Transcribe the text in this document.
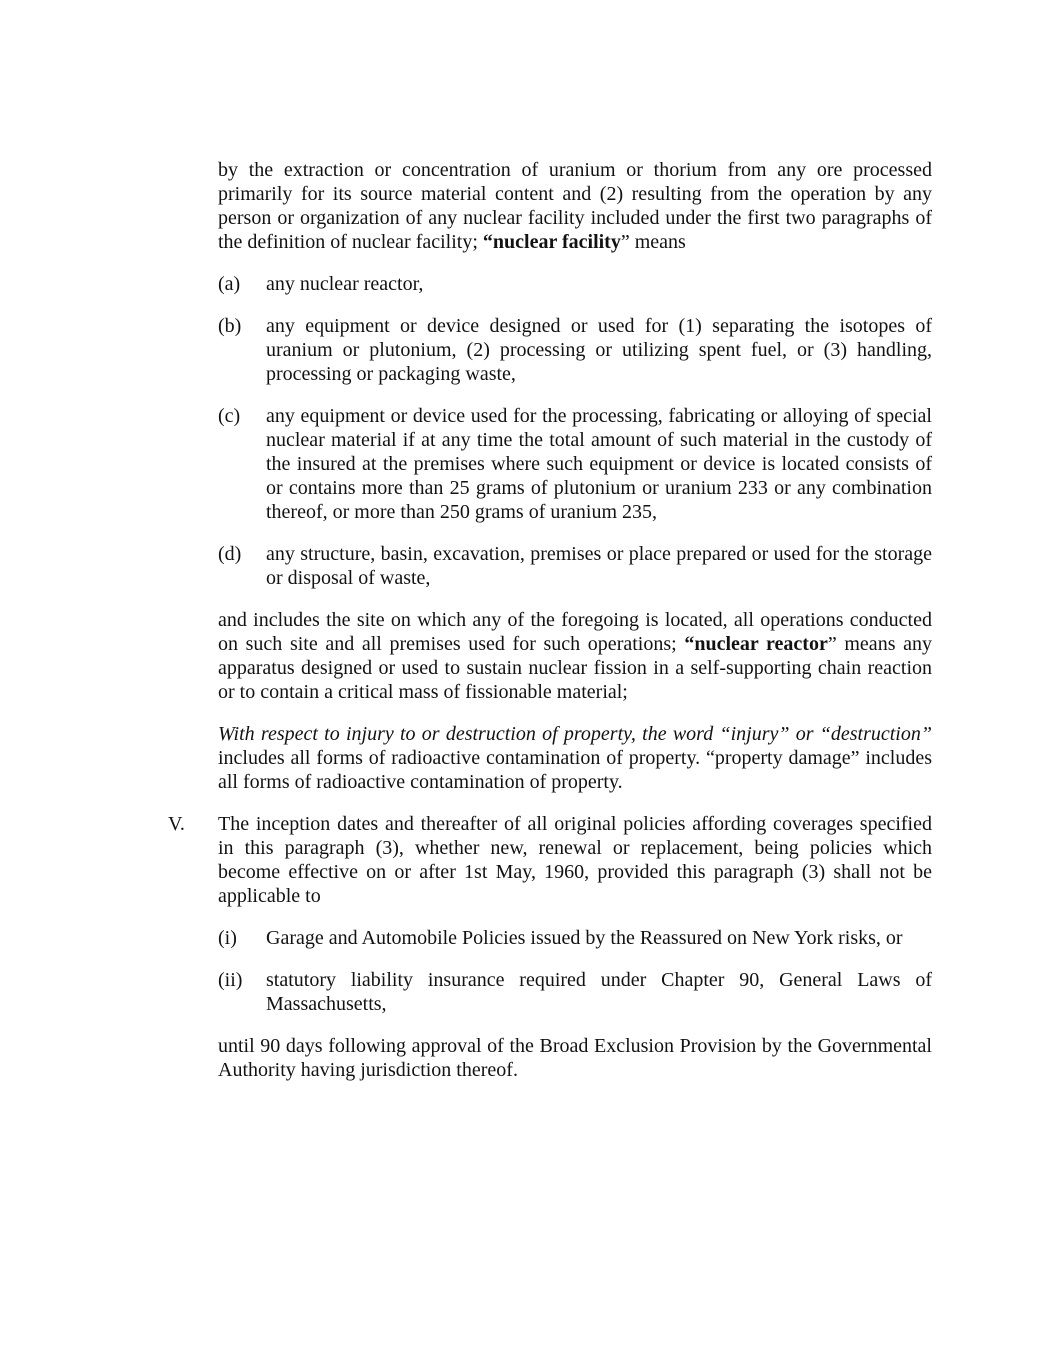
by the extraction or concentration of uranium or thorium from any ore processed primarily for its source material content and (2) resulting from the operation by any person or organization of any nuclear facility included under the first two paragraphs of the definition of nuclear facility; “nuclear facility” means

(a)	any nuclear reactor,
(b)	any equipment or device designed or used for (1) separating the isotopes of uranium or plutonium, (2) processing or utilizing spent fuel, or (3) handling, processing or packaging waste,
(c)	any equipment or device used for the processing, fabricating or alloying of special nuclear material if at any time the total amount of such material in the custody of the insured at the premises where such equipment or device is located consists of or contains more than 25 grams of plutonium or uranium 233 or any combination thereof, or more than 250 grams of uranium 235,
(d)	any structure, basin, excavation, premises or place prepared or used for the storage or disposal of waste,

and includes the site on which any of the foregoing is located, all operations conducted on such site and all premises used for such operations; “nuclear reactor” means any apparatus designed or used to sustain nuclear fission in a self-supporting chain reaction or to contain a critical mass of fissionable material;

With respect to injury to or destruction of property, the word “injury” or “destruction” includes all forms of radioactive contamination of property. “property damage” includes all forms of radioactive contamination of property.

V.	The inception dates and thereafter of all original policies affording coverages specified in this paragraph (3), whether new, renewal or replacement, being policies which become effective on or after 1st May, 1960, provided this paragraph (3) shall not be applicable to
(i)	Garage and Automobile Policies issued by the Reassured on New York risks, or
(ii)	statutory liability insurance required under Chapter 90, General Laws of Massachusetts,

until 90 days following approval of the Broad Exclusion Provision by the Governmental Authority having jurisdiction thereof.
